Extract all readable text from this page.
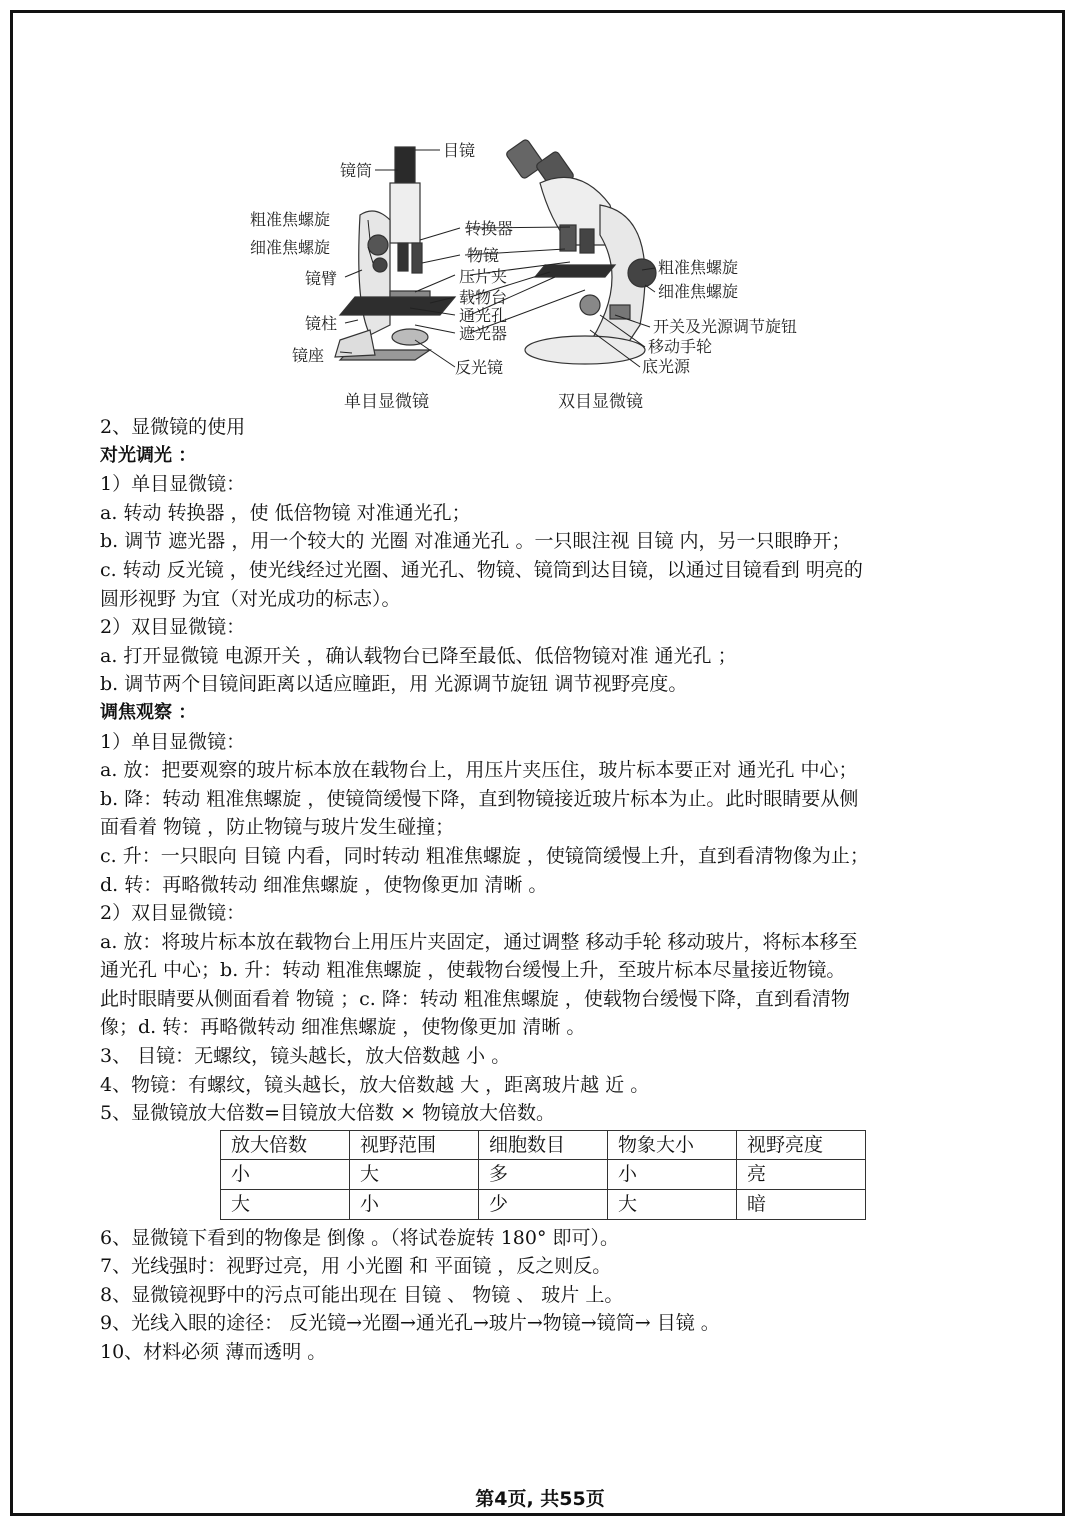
镜筒
目镜
粗准焦螺旋
细准焦螺旋
镜臂
镜柱
镜座
转换器
物镜
压片夹
载物台
通光孔
遮光器
反光镜
粗准焦螺旋
细准焦螺旋
开关及光源调节旋钮
移动手轮
底光源
单目显微镜	双目显微镜
2、显微镜的使用
对光调光 ：
1）单目显微镜：
a. 转动 转换器 ，使 低倍物镜 对准通光孔；
b. 调节 遮光器 ，用一个较大的 光圈 对准通光孔 。一只眼注视 目镜 内，另一只眼睁开；
c. 转动 反光镜 ，使光线经过光圈、通光孔、物镜、镜筒到达目镜，以通过目镜看到 明亮的
圆形视野 为宜（对光成功的标志）。
2）双目显微镜：
a. 打开显微镜 电源开关 ，确认载物台已降至最低、低倍物镜对准 通光孔 ；
b. 调节两个目镜间距离以适应瞳距，用 光源调节旋钮 调节视野亮度。
调焦观察 ：
1）单目显微镜：
a. 放：把要观察的玻片标本放在载物台上，用压片夹压住，玻片标本要正对 通光孔 中心；
b. 降：转动 粗准焦螺旋 ，使镜筒缓慢下降，直到物镜接近玻片标本为止。此时眼睛要从侧
面看着 物镜 ，防止物镜与玻片发生碰撞；
c. 升：一只眼向 目镜 内看，同时转动 粗准焦螺旋 ，使镜筒缓慢上升，直到看清物像为止；
d. 转：再略微转动 细准焦螺旋 ，使物像更加 清晰 。
2）双目显微镜：
a. 放：将玻片标本放在载物台上用压片夹固定，通过调整 移动手轮 移动玻片，将标本移至
通光孔 中心；b. 升：转动 粗准焦螺旋 ，使载物台缓慢上升，至玻片标本尽量接近物镜。
此时眼睛要从侧面看着 物镜 ；c. 降：转动 粗准焦螺旋 ，使载物台缓慢下降，直到看清物
像；d. 转：再略微转动 细准焦螺旋 ，使物像更加 清晰 。
3、 目镜：无螺纹，镜头越长，放大倍数越 小 。
4、物镜：有螺纹，镜头越长，放大倍数越 大 ，距离玻片越 近 。
5、显微镜放大倍数=目镜放大倍数 × 物镜放大倍数。
放大倍数	视野范围	细胞数目	物象大小	视野亮度
小	大	多	小	亮
大	小	少	大	暗
6、显微镜下看到的物像是 倒像 。（将试卷旋转 180° 即可）。
7、光线强时：视野过亮，用 小光圈 和 平面镜 ，反之则反。
8、显微镜视野中的污点可能出现在 目镜 、 物镜 、 玻片 上。
9、光线入眼的途径： 反光镜→光圈→通光孔→玻片→物镜→镜筒→ 目镜 。
10、材料必须 薄而透明 。
第4页, 共55页
